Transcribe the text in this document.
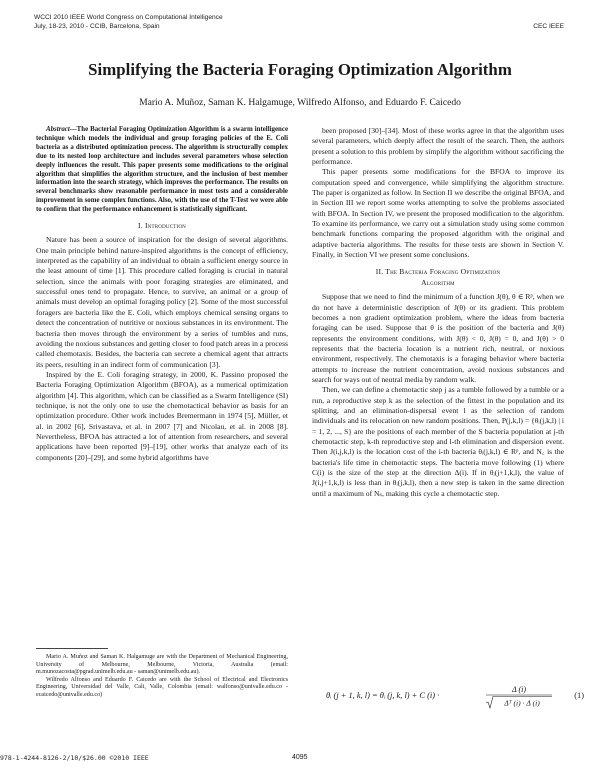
WCCI 2010 IEEE World Congress on Computational Intelligence
July, 18-23, 2010 - CCIB, Barcelona, Spain	CEC IEEE
Simplifying the Bacteria Foraging Optimization Algorithm
Mario A. Muñoz, Saman K. Halgamuge, Wilfredo Alfonso, and Eduardo F. Caicedo

Abstract—The Bacterial Foraging Optimization Algorithm is a swarm intelligence technique which models the individual and group foraging policies of the E. Coli bacteria as a distributed optimization process. The algorithm is structurally complex due to its nested loop architecture and includes several parameters whose selection deeply influences the result. This paper presents some modifications to the original algorithm that simplifies the algorithm structure, and the inclusion of best member information into the search strategy, which improves the performance. The results on several benchmarks show reasonable performance in most tests and a considerable improvement in some complex functions. Also, with the use of the T-Test we were able to confirm that the performance enhancement is statistically significant.

I. Introduction

Nature has been a source of inspiration for the design of several algorithms. One main principle behind nature-inspired algorithms is the concept of efficiency, interpreted as the capability of an individual to obtain a sufficient energy source in the least amount of time [1]. This procedure called foraging is crucial in natural selection, since the animals with poor foraging strategies are eliminated, and successful ones tend to propagate. Hence, to survive, an animal or a group of animals must develop an optimal foraging policy [2]. Some of the most successful foragers are bacteria like the E. Coli, which employs chemical sensing organs to detect the concentration of nutritive or noxious substances in its environment. The bacteria then moves through the environment by a series of tumbles and runs, avoiding the noxious substances and getting closer to food patch areas in a process called chemotaxis. Besides, the bacteria can secrete a chemical agent that attracts its peers, resulting in an indirect form of communication [3].

Inspired by the E. Coli foraging strategy, in 2000, K. Passino proposed the Bacteria Foraging Optimization Algorithm (BFOA), as a numerical optimization algorithm [4]. This algorithm, which can be classified as a Swarm Intelligence (SI) technique, is not the only one to use the chemotactical behavior as basis for an optimization procedure. Other work includes Bremermann in 1974 [5], Müller, et al. in 2002 [6], Srivastava, et al. in 2007 [7] and Nicolau, et al. in 2008 [8]. Nevertheless, BFOA has attracted a lot of attention from researchers, and several applications have been reported [9]–[19], other works that analyze each of its components [20]–[29], and some hybrid algorithms have

been proposed [30]–[34]. Most of these works agree in that the algorithm uses several parameters, which deeply affect the result of the search. Then, the authors present a solution to this problem by simplify the algorithm without sacrificing the performance.

This paper presents some modifications for the BFOA to improve its computation speed and convergence, while simplifying the algorithm structure. The paper is organized as follow. In Section II we describe the original BFOA, and in Section III we report some works attempting to solve the problems associated with BFOA. In Section IV, we present the proposed modification to the algorithm. To examine its performance, we carry out a simulation study using some common benchmark functions comparing the proposed algorithm with the original and adaptive bacteria algorithms. The results for these tests are shown in Section V. Finally, in Section VI we present some conclusions.

II. The Bacteria Foraging Optimization
Algorithm

Suppose that we need to find the minimum of a function J(θ), θ ∈ Rᵖ, when we do not have a deterministic description of J(θ) or its gradient. This problem becomes a non gradient optimization problem, where the ideas from bacteria foraging can be used. Suppose that θ is the position of the bacteria and J(θ) represents the environment conditions, with J(θ) < 0, J(θ) = 0, and J(θ) > 0 represents that the bacteria location is a nutrient rich, neutral, or noxious environment, respectively. The chemotaxis is a foraging behavior where bacteria attempts to increase the nutrient concentration, avoid noxious substances and search for ways out of neutral media by random walk.

Then, we can define a chemotactic step j as a tumble followed by a tumble or a run, a reproductive step k as the selection of the fittest in the population and its splitting, and an elimination-dispersal event l as the selection of random individuals and its relocation on new random positions. Then, P(j,k,l) = {θᵢ(j,k,l) | i = 1, 2, ..., S} are the positions of each member of the S bacteria population at j-th chemotactic step, k-th reproductive step and l-th elimination and dispersion event. Then J(i,j,k,l) is the location cost of the i-th bacteria θᵢ(j,k,l) ∈ Rᵖ, and N꜀ is the bacteria's life time in chemotactic steps. The bacteria move following (1) where C(i) is the size of the step at the direction Δ(i). If in θᵢ(j+1,k,l), the value of J(i,j+1,k,l) is less than in θᵢ(j,k,l), then a new step is taken in the same direction until a maximum of Nₛ, making this cycle a chemotactic step.

Mario A. Muñoz and Saman K. Halgamuge are with the Department of Mechanical Engineering, University of Melbourne, Melbourne, Victoria, Australia (email: m.munozacosta@pgrad.unimelb.edu.au - saman@unimelb.edu.au).

Wilfredo Alfonso and Eduardo F. Caicedo are with the School of Electrical and Electronics Engineering, Universidad del Valle, Cali, Valle, Colombia (email: walfonso@univalle.edu.co - ecaicedo@univalle.edu.co)	θᵢ (j + 1, k, l) = θᵢ (j, k, l) + C (i) ·
Δ (i)
Δᵀ (i) · Δ (i)
(1)
978-1-4244-8126-2/10/$26.00 ©2010 IEEE	4095
